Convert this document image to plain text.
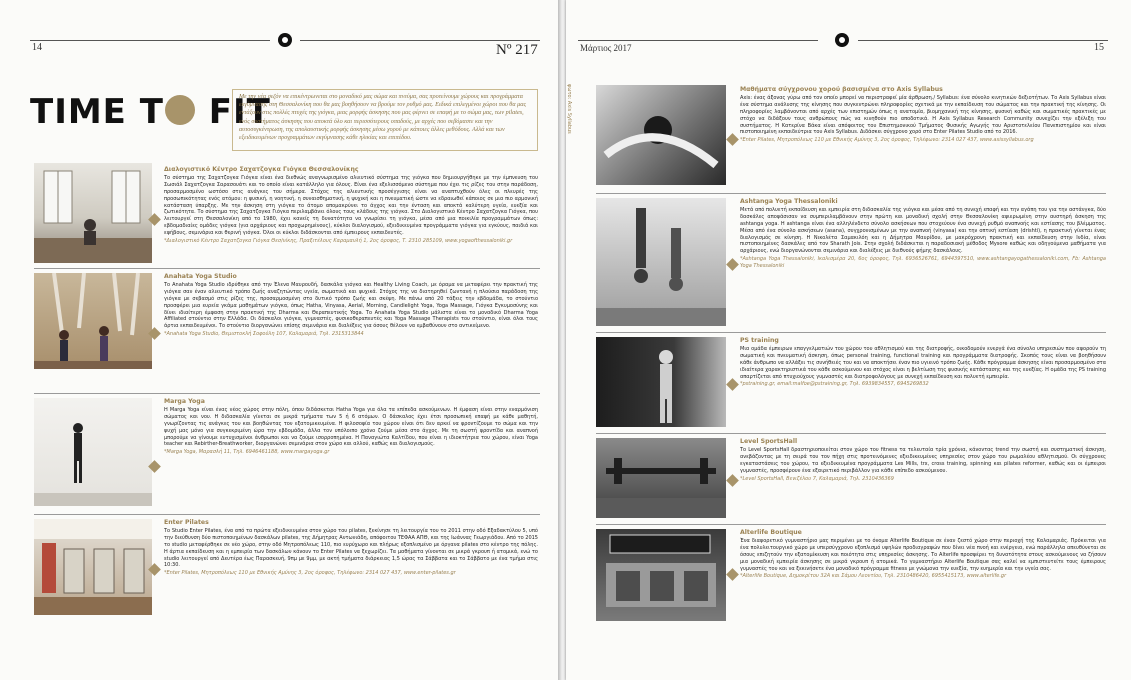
14	Nº 217
TIME T FIT
Με την νέα σεζόν να επικέντρωνεται στο μοναδικό μας σώμα και πνεύμα, σας προτείνουμε χώρους και προγράμματα εκγύμνασης στη Θεσσαλονίκη που θα μας βοηθήσουν να βρούμε τον ρυθμό μας. Ειδικά επιλεγμένοι χώροι που θα μας εντάξουν στις πολλές πτυχές της γιόγκα, μιας μορφής άσκησης που μας φέρνει σε επαφή με το σώμα μας, των pilates, ενός συστήματος άσκησης που αποκτά όλο και περισσότερους οπαδούς, με αρχές που σεβόμαστε και την αυτοσυγκέντρωση, της απολαυστικής μορφής άσκησης μέσω χορού με κάποιες άλλες μεθόδους. Αλλά και των εξειδικευμένων προγραμμάτων εκγύμνασης κάθε ηλικίας και επιπέδου.
Διαλογιστικό Κέντρο Σαχατζογκα Γιόγκα Θεσσαλονίκης

Το σύστημα της Σαχατζογκα Γιόγκα είναι ένα διεθνώς αναγνωρισμένο αλιευτικό σύστημα της γιόγκα που δημιουργήθηκε με την έμπνευση του Σωσιάλ Σαχατζογκα Σαρασουάτι και το οποίο είναι κατάλληλο για όλους. Είναι ένα εξελισσόμενο σύστημα που έχει τις ρίζες του στην παράδοση, προσαρμοσμένο ωστόσο στις ανάγκες του σήμερα. Στόχος της αλιευτικής προσέγγισης είναι να αναπτυχθούν όλες οι πλευρές της προσωπικότητας ενός ατόμου: η φυσική, η νοητική, η συναισθηματική, η ψυχική και η πνευματική ώστε να εδραιωθεί κάποιος σε μια πιο αρμονική κατάσταση ύπαρξης. Με την άσκηση στη γιόγκα το άτομο απομακρύνει το άγχος και την ένταση και αποκτά καλύτερη υγεία, ευεξία και ζωτικότητα. Το σύστημα της Σαχατζογκα Γιόγκα περιλαμβάνει όλους τους κλάδους της γιόγκα. Στο Διαλογιστικό Κέντρο Σαχατζογκα Γιόγκα, που λειτουργεί στη Θεσσαλονίκη από το 1980, έχει κανείς τη δυνατότητα να γνωρίσει τη γιόγκα, μέσα από μια ποικιλία προγραμμάτων όπως: εβδομαδιαίες ομάδες γιόγκα (για αρχάριους και προχωρημένους), κύκλοι διαλογισμού, εξειδικευμένα προγράμματα γιόγκα για εγκύους, παιδιά και εφήβους, σεμινάρια και θερινή γιόγκα. Όλοι οι κύκλοι διδάσκονται από έμπειρους εκπαιδευτές.

*Διαλογιστικό Κέντρο Σαχατζογκα Γιόγκα Θεσ/νίκης, Πραξιτέλους Καραμανλή 1, 2ος όροφος, Τ. 2310 285109, www.yogaofthessaloniki.gr

Anahata Yoga Studio

Το Anahata Yoga Studio ιδρύθηκε από την Έλενα Μαυρουδή, δασκάλα γιόγκα και Healthy Living Coach, με όραμα να μεταφέρει την πρακτική της γιόγκα σαν έναν αλιευτικό τρόπο ζωής αναζητώντας υγεία, σωματικά και ψυχικά. Στόχος της να διατηρηθεί ζωντανή η πλούσια παράδοση της γιόγκα με σεβασμό στις ρίζες της, προσαρμοσμένη στο δυτικό τρόπο ζωής και σκέψη. Με πάνω από 20 τάξεις την εβδομάδα, το στούντιο προσφέρει μια ευρεία γκάμα μαθημάτων γιόγκα, όπως Hatha, Vinyasa, Aerial, Morning, Candlelight Yoga, Yoga Massage, Γιόγκα Εγκυμοσύνης και δίνει ιδιαίτερη έμφαση στην πρακτική της Dharma και Θεραπευτικής Yoga. Το Anahata Yoga Studio μάλιστα είναι το μοναδικό Dharma Yoga Affiliated στούντιο στην Ελλάδα. Οι δάσκαλοι γιόγκα, γυμναστές, φυσικοθεραπευτές και Yoga Massage Therapists του στούντιο, είναι όλοι τους άρτια εκπαιδευμένοι. Το στούντιο διοργανώνει επίσης σεμινάρια και διαλέξεις για όσους θέλουν να εμβαθύνουν στο αντικείμενο.

*Anahata Yoga Studio, Θεμιστοκλή Σοφούλη 107, Καλαμαριά, Τηλ. 2315313844

Marga Yoga

Η Marga Yoga είναι ένας νέος χώρος στην πόλη, όπου διδάσκεται Hatha Yoga για όλα τα επίπεδα ασκούμενων. Η έμφαση είναι στην εναρμόνιση σώματος και νου. Η διδασκαλία γίνεται σε μικρά τμήματα των 5 ή 6 ατόμων. Ο δάσκαλος έχει έτσι προσωπική επαφή με κάθε μαθητή, γνωρίζοντας τις ανάγκες του και βοηθώντας τον εξατομικευμένα. Η φιλοσοφία του χώρου είναι ότι δεν αρκεί να φροντίζουμε το σώμα και την ψυχή μας μόνο για συγκεκριμένη ώρα την εβδομάδα, άλλα τον υπόλοιπο χρόνο ζούμε μέσα στο άγχος. Με τη σωστή φροντίδα και αναπνοή μπορούμε να γίνουμε ευτυχισμένοι άνθρωποι και να ζούμε ισορροπημένα. Η Παναγιώτα Καλτίδου, που είναι η ιδιοκτήτρια του χώρου, είναι Yoga teacher και Rebirther-Breathworker, διοργανώνει σεμινάρια στον χώρο και αλλού, καθώς και διαλογισμούς.

*Marga Yoga, Μαρασλή 11, Τηλ. 6946461188, www.margayoga.gr

Enter Pilates

Το Studio Enter Pilates, ένα από τα πρώτα εξειδικευμένα στον χώρο του pilates, ξεκίνησε τη λειτουργία του το 2011 στην οδό Εξαδακτύλου 5, υπό την διεύθυνση δύο πιστοποιημένων δασκάλων pilates, της Δήμητρας Αντωνιάδη, απόφοιτου ΤΕΦΑΑ ΑΠΘ, και της Ιωάννας Γεωργιάδου. Από το 2015 το studio μεταφέρθηκε σε νέο χώρο, στην οδό Μητροπόλεως 110, πιο ευρύχωρο και πλήρως εξοπλισμένο με όργανα pilates στο κέντρο της πόλης. Η άρτια εκπαίδευση και η εμπειρία των δασκάλων κάνουν το Enter Pilates να ξεχωρίζει. Τα μαθήματα γίνονται σε μικρά γκρουπ ή ατομικά, ενώ το studio λειτουργεί από Δευτέρα έως Παρασκευή, 9πμ με 9μμ, με ακτή τμήματα διάρκειας 1,5 ώρας τα Σάββατα και το Σάββατο με ένα τμήμα στις 10:30.

*Enter Pilates, Μητροπόλεως 110 με Εθνικής Αμύνης 3, 2ος όροφος, Τηλέφωνο: 2314 027 437, www.enter-pilates.gr

Μάρτιος 2017	15
Μαθήματα σύγχρονου χορού βασισμένα στο Axis Syllabus

Axis: ένας άξονας γύρω από τον οποίο μπορεί να περιστραφεί μία άρθρωση./ Syllabus: ένα σύνολο κινητικών δεξιοτήτων. Το Axis Syllabus είναι ένα σύστημα ανάλυσης της κίνησης που συγκεντρώνει πληροφορίες σχετικά με την εκπαίδευση του σώματος και την πρακτική της κίνησης. Οι πληροφορίες λαμβάνονται από αρχές των επιστημών όπως η ανατομία, βιομηχανική της κίνησης, φυσική καθώς και σωματικές πρακτικές με στόχο να διδάξουν τους ανθρώπους πώς να κινηθούν πιο αποδοτικά. Η Axis Syllabus Research Community συνεχίζει την εξέλιξη του συστήματος. Η Κατερίνα Βάκα είναι απόφοιτος του Επιστημονικού Τμήματος Φυσικής Αγωγής του Αριστοτελείου Πανεπιστημίου και είναι πιστοποιημένη εκπαιδεύτρια του Axis Syllabus. Διδάσκει σύγχρονο χορό στο Enter Pilates Studio από το 2016.

*Enter Pilates, Μητροπόλεως 110 με Εθνικής Αμύνης 3, 2ος όροφος, Τηλέφωνο: 2314 027 437, www.axissyllabus.org

Ashtanga Yoga Thessaloniki

Μετά από πολυετή εκπαίδευση και εμπειρία στη διδασκαλία της γιόγκα και μέσα από τη συνεχή επαφή και την αγάπη του για την αστάνγκα, δύο δασκάλες αποφάσισαν να συμπεριλαμβάνουν στην πρώτη και μοναδική σχολή στην Θεσσαλονίκη αφιερωμένη στην αυστηρή άσκηση της ashtanga yoga. Η ashtanga είναι ένα αλληλένδετο σύνολο ασκήσεων που στοχεύουν ένα συνεχή ρυθμό αναπνοής και εστίασης του βλέμματος. Μέσα από ένα σύνολο ασκήσεων (asana), συγχρονισμένων με την αναπνοή (vinyasa) και την οπτική εστίαση (drishti), η πρακτική γίνεται ένας διαλογισμός σε κίνηση. Η Νικολέτα Σαμακιλόη και η Δήμητρα Μαυρίδου, με μακρόχρονη πρακτική και εκπαίδευση στην Ινδία, είναι πιστοποιημένες δασκάλες από τον Sharath Jois. Στην σχολή διδάσκεται η παραδοσιακή μέθοδος Mysore καθώς και οδηγούμενα μαθήματα για αρχάριους, ενώ διοργανώνονται σεμινάρια και διαλέξεις με διεθνούς φήμης δασκάλους.

*Ashtanga Yoga Thessaloniki, Ικαλισμέρα 20, 6ος όροφος, Τηλ. 6936526761, 6944397510, www.ashtangayogathessaloniki.com, Fb: Ashtanga Yoga Thessaloniki

PS training

Μια ομάδα έμπειρων επαγγελματιών του χώρου του αθλητισμού και της διατροφής, οικοδομούν ενεργά ένα σύνολο υπηρεσιών που αφορούν τη σωματική και πνευματική άσκηση, όπως personal training, functional training και προγράμματα διατροφής. Σκοπός τους είναι να βοηθήσουν κάθε άνθρωπο να αλλάξει τις συνήθειές του και να αποκτήσει έναν πιο υγιεινό τρόπο ζωής. Κάθε πρόγραμμα άσκησης είναι προσαρμοσμένο στα ιδιαίτερα χαρακτηριστικά του κάθε ασκούμενου και στόχος είναι η βελτίωση της φυσικής κατάστασης και της ευεξίας. Η ομάδα της PS training απαρτίζεται από πτυχιούχους γυμναστές και διατροφολόγους με συνεχή εκπαίδευση και πολυετή εμπειρία.

*pstraining.gr, email:malfoe@pstraining.gr, Τηλ. 6939834557, 6945269832

Level SportsHall

Το Level SportsHall δραστηριοποιείται στον χώρο του fitness τα τελευταία τρία χρόνια, κάνοντας trend την σωστή και συστηματική άσκηση, ανεβάζοντας με τη σειρά του τον πήχη στις προτεινόμενες εξειδικευμένες υπηρεσίες στον χώρο του ρωμαλέου αθλητισμού. Οι σύγχρονες εγκαταστάσεις του χώρου, τα εξειδικευμένα προγράμματα Les Mills, trx, cross training, spinning και pilates reformer, καθώς και οι έμπειροι γυμναστές, προσφέρουν ένα εξαιρετικό περιβάλλον για κάθε επίπεδο ασκούμενου.

*Level SportsHall, Βενιζέλου 7, Καλαμαριά, Τηλ. 2310436369

Alterlife Boutique

Ένα διαφορετικό γυμναστήριο μας περιμένει με το όνομα Alterlife Boutique σε έναν ζεστό χώρο στην περιοχή της Καλαμαριάς. Πρόκειται για ένα πολυλειτουργικό χώρο με υπερσύγχρονο εξοπλισμό υψηλών προδιαγραφών που δίνει νέα πνοή και ενέργεια, ενώ παράλληλα απευθύνεται σε όσους επιζητούν την εξατομίκευση και ποιότητα στις υπηρεσίες άσκησης. Το Alterlife προσφέρει τη δυνατότητα στους ασκούμενους να ζήσουν μια μοναδική εμπειρία άσκησης σε μικρά γκρουπ ή ατομικά. Το γυμναστήριο Alterlife Boutique σας καλεί να εμπιστευτείτε τους έμπειρους γυμναστές του και να ξεκινήσετε ένα μοναδικό πρόγραμμα fitness με γνώμονα την ευεξία, την ευημερία και την υγεία σας.

*Alterlife Boutique, Δημοκρίτου 32Α και Σάμου Λεοντίου, Τηλ. 2310486420, 6955415173, www.alterlife.gr

φωτο: Axis Syllabus
